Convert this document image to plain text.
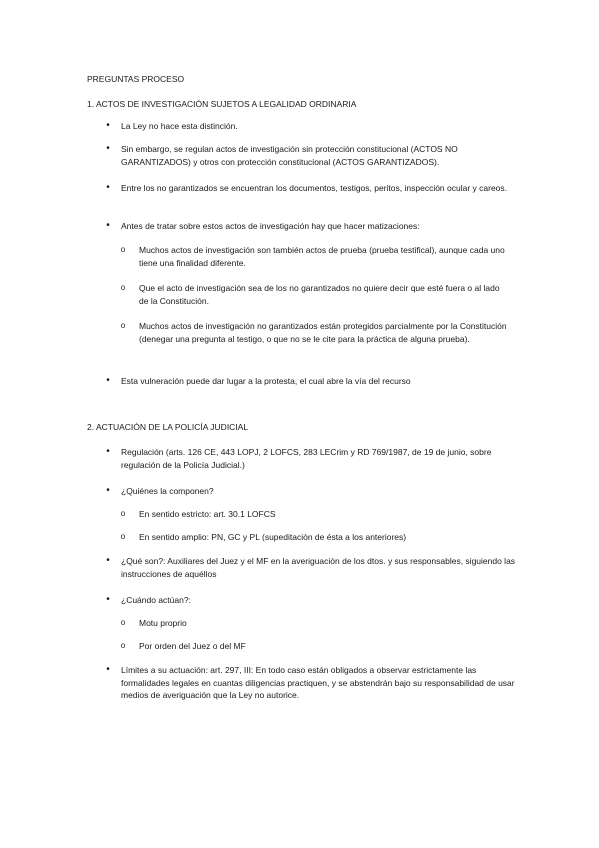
PREGUNTAS PROCESO
1. ACTOS DE INVESTIGACIÓN SUJETOS A LEGALIDAD ORDINARIA
•	La Ley no hace esta distinción.
•	Sin embargo, se regulan actos de investigación sin protección constitucional (ACTOS NO GARANTIZADOS) y otros con protección constitucional (ACTOS GARANTIZADOS).
•	Entre los no garantizados se encuentran los documentos, testigos, peritos, inspección ocular y careos.
•	Antes de tratar sobre estos actos de investigación hay que hacer matizaciones:
o	Muchos actos de investigación son también actos de prueba (prueba testifical), aunque cada uno tiene una finalidad diferente.
o	Que el acto de investigación sea de los no garantizados no quiere decir que esté fuera o al lado de la Constitución.
o	Muchos actos de investigación no garantizados están protegidos parcialmente por la Constitución (denegar una pregunta al testigo, o que no se le cite para la práctica de alguna prueba).
•	Esta vulneración puede dar lugar a la protesta, el cual abre la vía del recurso
2. ACTUACIÓN DE LA POLICÍA JUDICIAL
•	Regulación (arts. 126 CE, 443 LOPJ, 2 LOFCS, 283 LECrim y RD 769/1987, de 19 de junio, sobre regulación de la Policía Judicial.)
•	¿Quiénes la componen?
o	En sentido estricto: art. 30.1 LOFCS
o	En sentido amplio: PN, GC y PL (supeditación de ésta a los anteriores)
•	¿Qué son?: Auxiliares del Juez y el MF en la averiguación de los dtos. y sus responsables, siguiendo las instrucciones de aquéllos
•	¿Cuándo actúan?:
o	Motu proprio
o	Por orden del Juez o del MF
•	Límites a su actuación: art. 297, III: En todo caso están obligados a observar estrictamente las formalidades legales en cuantas diligencias practiquen, y se abstendrán bajo su responsabilidad de usar medios de averiguación que la Ley no autorice.
